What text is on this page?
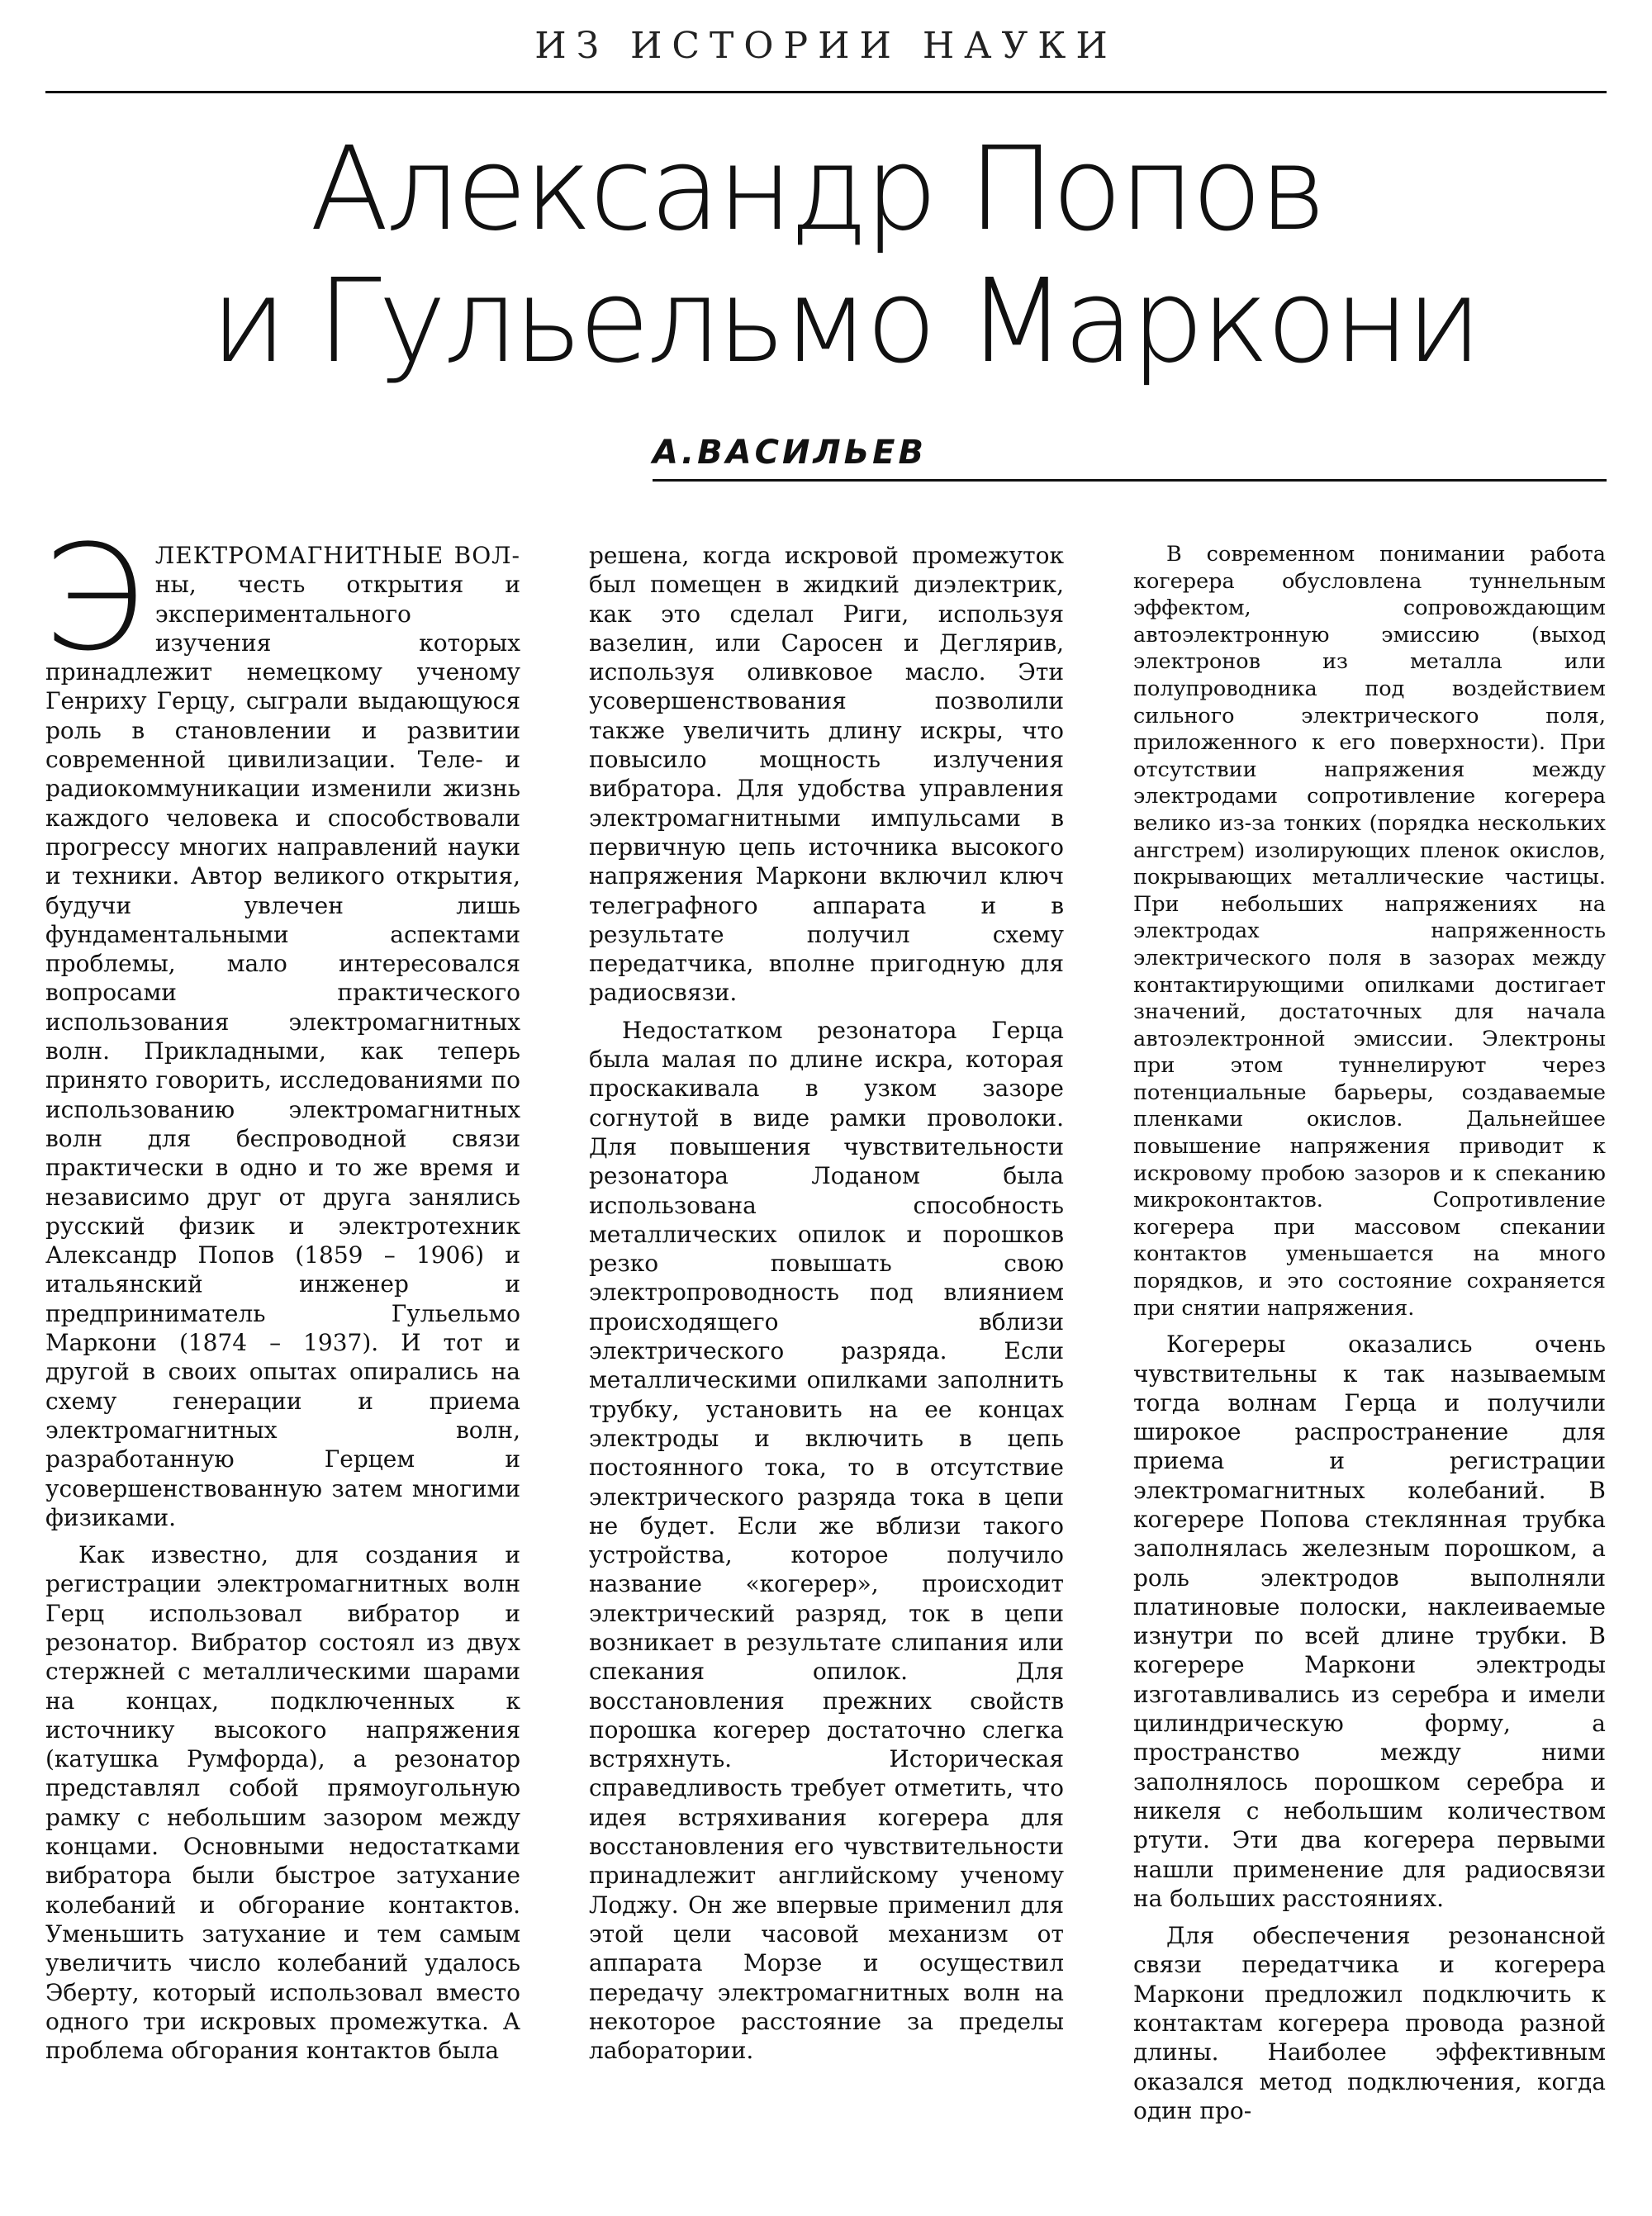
ИЗ ИСТОРИИ НАУКИ
Александр Попов
и Гульельмо Маркони
А.ВАСИЛЬЕВ

ЭЛЕКТРОМАГНИТНЫЕ ВОЛ-ны, честь открытия и экспериментального изучения которых принадлежит немецкому ученому Генриху Герцу, сыграли выдающуюся роль в становлении и развитии современной цивилизации. Теле- и радиокоммуникации изменили жизнь каждого человека и способствовали прогрессу многих направлений науки и техники. Автор великого открытия, будучи увлечен лишь фундаментальными аспектами проблемы, мало интересовался вопросами практического использования электромагнитных волн. Прикладными, как теперь принято говорить, исследованиями по использованию электромагнитных волн для беспроводной связи практически в одно и то же время и независимо друг от друга занялись русский физик и электротехник Александр Попов (1859 – 1906) и итальянский инженер и предприниматель Гульельмо Маркони (1874 – 1937). И тот и другой в своих опытах опирались на схему генерации и приема электромагнитных волн, разработанную Герцем и усовершенствованную затем многими физиками.

Как известно, для создания и регистрации электромагнитных волн Герц использовал вибратор и резонатор. Вибратор состоял из двух стержней с металлическими шарами на концах, подключенных к источнику высокого напряжения (катушка Румфорда), а резонатор представлял собой прямоугольную рамку с небольшим зазором между концами. Основными недостатками вибратора были быстрое затухание колебаний и обгорание контактов. Уменьшить затухание и тем самым увеличить число колебаний удалось Эберту, который использовал вместо одного три искровых промежутка. А проблема обгорания контактов была

решена, когда искровой промежуток был помещен в жидкий диэлектрик, как это сделал Риги, используя вазелин, или Саросен и Деглярив, используя оливковое масло. Эти усовершенствования позволили также увеличить длину искры, что повысило мощность излучения вибратора. Для удобства управления электромагнитными импульсами в первичную цепь источника высокого напряжения Маркони включил ключ телеграфного аппарата и в результате получил схему передатчика, вполне пригодную для радиосвязи.

Недостатком резонатора Герца была малая по длине искра, которая проскакивала в узком зазоре согнутой в виде рамки проволоки. Для повышения чувствительности резонатора Лоданом была использована способность металлических опилок и порошков резко повышать свою электропроводность под влиянием происходящего вблизи электрического разряда. Если металлическими опилками заполнить трубку, установить на ее концах электроды и включить в цепь постоянного тока, то в отсутствие электрического разряда тока в цепи не будет. Если же вблизи такого устройства, которое получило название «когерер», происходит электрический разряд, ток в цепи возникает в результате слипания или спекания опилок. Для восстановления прежних свойств порошка когерер достаточно слегка встряхнуть. Историческая справедливость требует отметить, что идея встряхивания когерера для восстановления его чувствительности принадлежит английскому ученому Лоджу. Он же впервые применил для этой цели часовой механизм от аппарата Морзе и осуществил передачу электромагнитных волн на некоторое расстояние за пределы лаборатории.

В современном понимании работа когерера обусловлена туннельным эффектом, сопровождающим автоэлектронную эмиссию (выход электронов из металла или полупроводника под воздействием сильного электрического поля, приложенного к его поверхности). При отсутствии напряжения между электродами сопротивление когерера велико из-за тонких (порядка нескольких ангстрем) изолирующих пленок окислов, покрывающих металлические частицы. При небольших напряжениях на электродах напряженность электрического поля в зазорах между контактирующими опилками достигает значений, достаточных для начала автоэлектронной эмиссии. Электроны при этом туннелируют через потенциальные барьеры, создаваемые пленками окислов. Дальнейшее повышение напряжения приводит к искровому пробою зазоров и к спеканию микроконтактов. Сопротивление когерера при массовом спекании контактов уменьшается на много порядков, и это состояние сохраняется при снятии напряжения.

Когереры оказались очень чувствительны к так называемым тогда волнам Герца и получили широкое распространение для приема и регистрации электромагнитных колебаний. В когерере Попова стеклянная трубка заполнялась железным порошком, а роль электродов выполняли платиновые полоски, наклеиваемые изнутри по всей длине трубки. В когерере Маркони электроды изготавливались из серебра и имели цилиндрическую форму, а пространство между ними заполнялось порошком серебра и никеля с небольшим количеством ртути. Эти два когерера первыми нашли применение для радиосвязи на больших расстояниях.

Для обеспечения резонансной связи передатчика и когерера Маркони предложил подключить к контактам когерера провода разной длины. Наиболее эффективным оказался метод подключения, когда один про-
